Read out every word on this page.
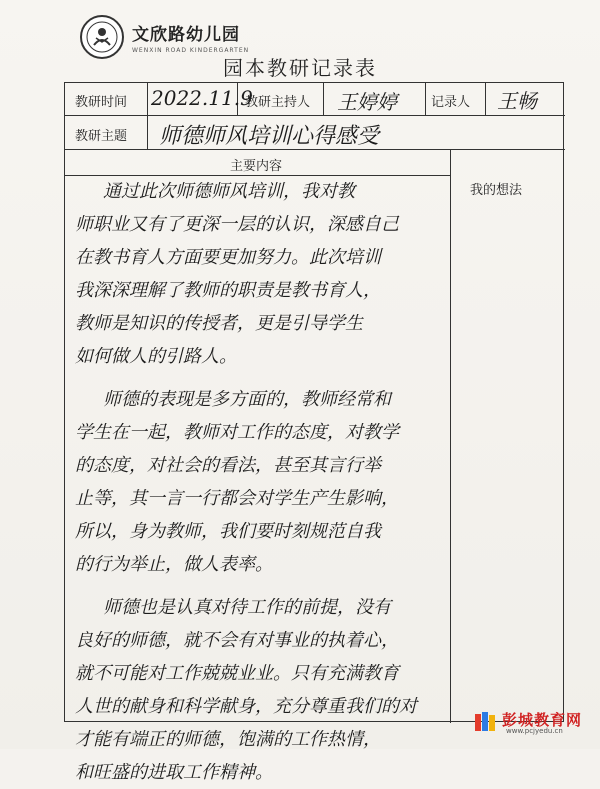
文欣路幼儿园
WENXIN ROAD KINDERGARTEN
园本教研记录表
教研时间 2022.11.9
教研主持人 王婷婷	记录人 王畅
教研主题 师德师风培训心得感受
主要内容
我的想法
通过此次师德师风培训，我对教
师职业又有了更深一层的认识，深感自己
在教书育人方面要更加努力。此次培训
我深深理解了教师的职责是教书育人，
教师是知识的传授者，更是引导学生
如何做人的引路人。
师德的表现是多方面的，教师经常和
学生在一起，教师对工作的态度，对教学
的态度，对社会的看法，甚至其言行举
止等，其一言一行都会对学生产生影响，
所以，身为教师，我们要时刻规范自我
的行为举止，做人表率。
师德也是认真对待工作的前提，没有
良好的师德，就不会有对事业的执着心，
就不可能对工作兢兢业业。只有充满教育
人世的献身和科学献身，充分尊重我们的对
才能有端正的师德，饱满的工作热情，
和旺盛的进取工作精神。
彭城教育网
www.pcjyedu.cn
